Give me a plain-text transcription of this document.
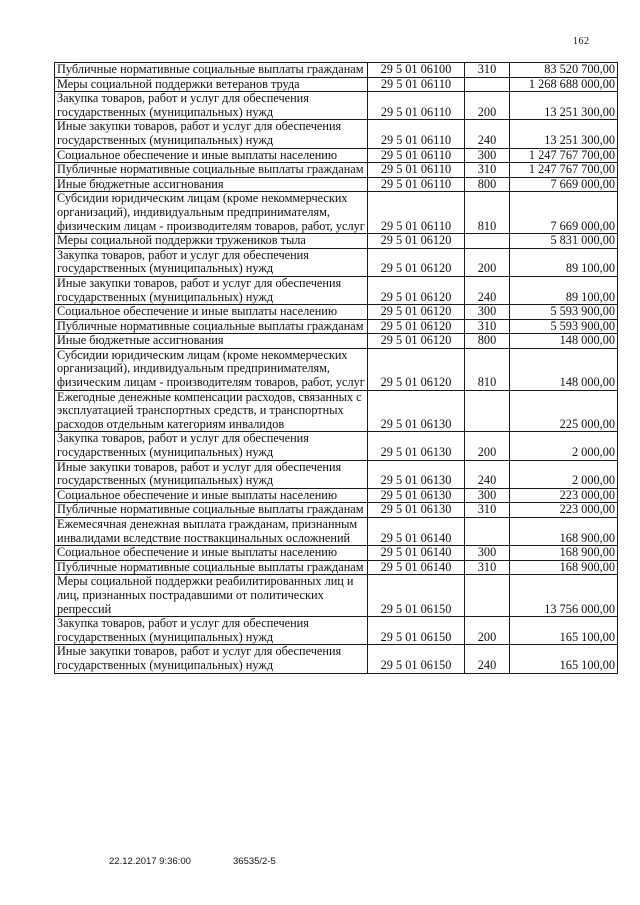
162
Публичные нормативные социальные выплаты гражданам	29 5 01 06100	310	83 520 700,00
Меры социальной поддержки ветеранов труда	29 5 01 06110		1 268 688 000,00
Закупка товаров, работ и услуг для обеспечения государственных (муниципальных) нужд	29 5 01 06110	200	13 251 300,00
Иные закупки товаров, работ и услуг для обеспечения государственных (муниципальных) нужд	29 5 01 06110	240	13 251 300,00
Социальное обеспечение и иные выплаты населению	29 5 01 06110	300	1 247 767 700,00
Публичные нормативные социальные выплаты гражданам	29 5 01 06110	310	1 247 767 700,00
Иные бюджетные ассигнования	29 5 01 06110	800	7 669 000,00
Субсидии юридическим лицам (кроме некоммерческих организаций), индивидуальным предпринимателям, физическим лицам - производителям товаров, работ, услуг	29 5 01 06110	810	7 669 000,00
Меры социальной поддержки тружеников тыла	29 5 01 06120		5 831 000,00
Закупка товаров, работ и услуг для обеспечения государственных (муниципальных) нужд	29 5 01 06120	200	89 100,00
Иные закупки товаров, работ и услуг для обеспечения государственных (муниципальных) нужд	29 5 01 06120	240	89 100,00
Социальное обеспечение и иные выплаты населению	29 5 01 06120	300	5 593 900,00
Публичные нормативные социальные выплаты гражданам	29 5 01 06120	310	5 593 900,00
Иные бюджетные ассигнования	29 5 01 06120	800	148 000,00
Субсидии юридическим лицам (кроме некоммерческих организаций), индивидуальным предпринимателям, физическим лицам - производителям товаров, работ, услуг	29 5 01 06120	810	148 000,00
Ежегодные денежные компенсации расходов, связанных с эксплуатацией транспортных средств, и транспортных расходов отдельным категориям инвалидов	29 5 01 06130		225 000,00
Закупка товаров, работ и услуг для обеспечения государственных (муниципальных) нужд	29 5 01 06130	200	2 000,00
Иные закупки товаров, работ и услуг для обеспечения государственных (муниципальных) нужд	29 5 01 06130	240	2 000,00
Социальное обеспечение и иные выплаты населению	29 5 01 06130	300	223 000,00
Публичные нормативные социальные выплаты гражданам	29 5 01 06130	310	223 000,00
Ежемесячная денежная выплата гражданам, признанным инвалидами вследствие поствакцинальных осложнений	29 5 01 06140		168 900,00
Социальное обеспечение и иные выплаты населению	29 5 01 06140	300	168 900,00
Публичные нормативные социальные выплаты гражданам	29 5 01 06140	310	168 900,00
Меры социальной поддержки реабилитированных лиц и лиц, признанных пострадавшими от политических репрессий	29 5 01 06150		13 756 000,00
Закупка товаров, работ и услуг для обеспечения государственных (муниципальных) нужд	29 5 01 06150	200	165 100,00
Иные закупки товаров, работ и услуг для обеспечения государственных (муниципальных) нужд	29 5 01 06150	240	165 100,00
22.12.2017 9:36:00	36535/2-5
